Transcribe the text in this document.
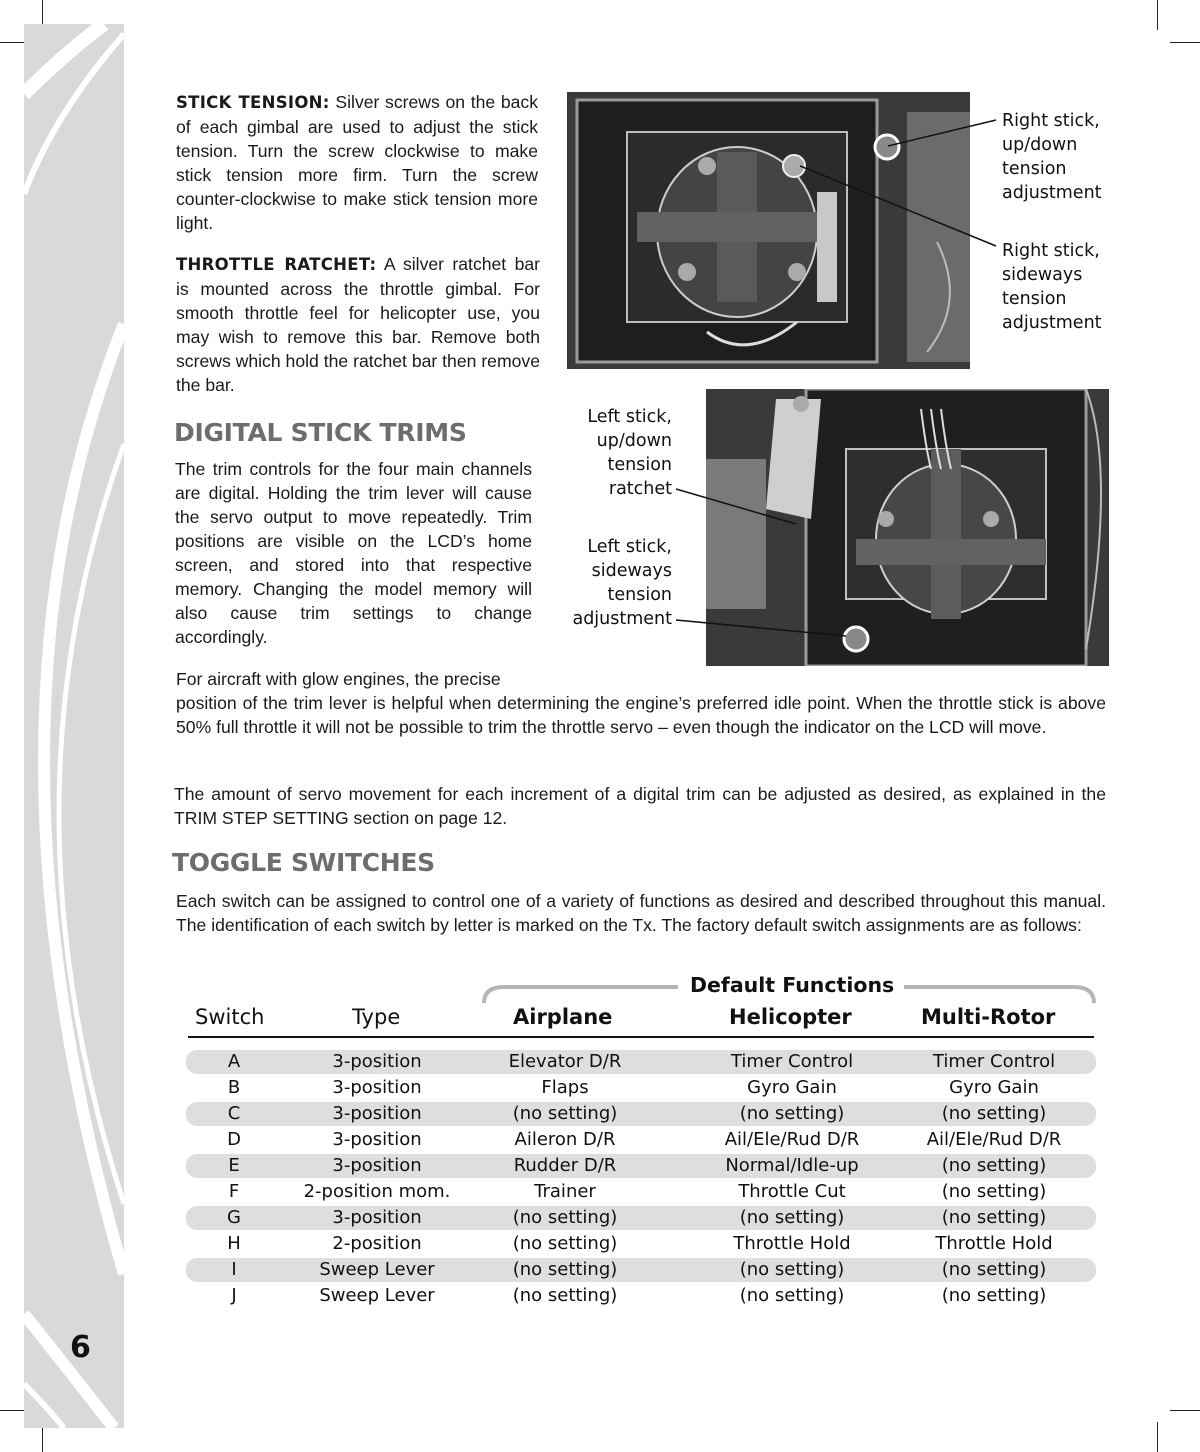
6
STICK TENSION: Silver screws on the back of each gimbal are used to adjust the stick tension. Turn the screw clockwise to make stick tension more firm. Turn the screw counter-clockwise to make stick tension more light.
THROTTLE RATCHET: A silver ratchet bar is mounted across the throttle gimbal. For smooth throttle feel for helicopter use, you may wish to remove this bar. Remove both screws which hold the ratchet bar then remove the bar.
DIGITAL STICK TRIMS
The trim controls for the four main channels are digital. Holding the trim lever will cause the servo output to move repeatedly. Trim positions are visible on the LCD’s home screen, and stored into that respective memory. Changing the model memory will also cause trim settings to change accordingly.
For aircraft with glow engines, the precise
position of the trim lever is helpful when determining the engine’s preferred idle point. When the throttle stick is above 50% full throttle it will not be possible to trim the throttle servo – even though the indicator on the LCD will move.
The amount of servo movement for each increment of a digital trim can be adjusted as desired, as explained in the TRIM STEP SETTING section on page 12.
Right stick,
up/down
tension
adjustment
Right stick,
sideways
tension
adjustment
Left stick,
up/down
tension
ratchet
Left stick,
sideways
tension
adjustment
TOGGLE SWITCHES
Each switch can be assigned to control one of a variety of functions as desired and described throughout this manual. The identification of each switch by letter is marked on the Tx. The factory default switch assignments are as follows:
Default Functions
Switch	Type	Airplane	Helicopter	Multi-Rotor
A	3-position	Elevator D/R	Timer Control	Timer Control
B	3-position	Flaps	Gyro Gain	Gyro Gain
C	3-position	(no setting)	(no setting)	(no setting)
D	3-position	Aileron D/R	Ail/Ele/Rud D/R	Ail/Ele/Rud D/R
E	3-position	Rudder D/R	Normal/Idle-up	(no setting)
F	2-position mom.	Trainer	Throttle Cut	(no setting)
G	3-position	(no setting)	(no setting)	(no setting)
H	2-position	(no setting)	Throttle Hold	Throttle Hold
I	Sweep Lever	(no setting)	(no setting)	(no setting)
J	Sweep Lever	(no setting)	(no setting)	(no setting)
